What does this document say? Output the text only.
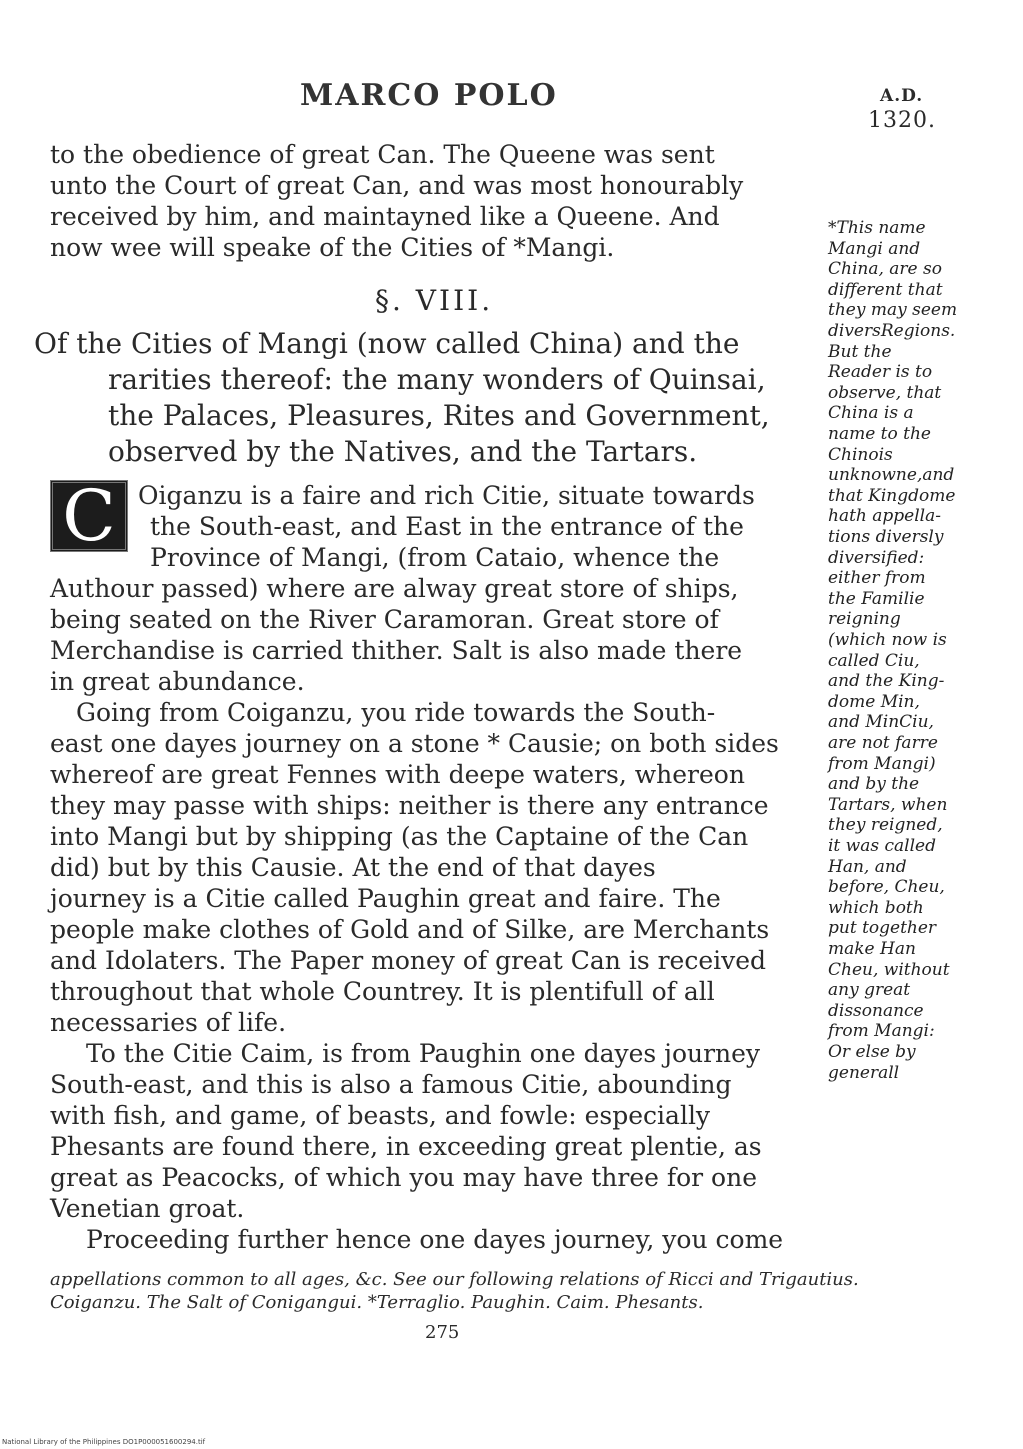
MARCO POLO	A.D.
1320.
to the obedience of great Can. The Queene was sent
unto the Court of great Can, and was most honourably
received by him, and maintayned like a Queene. And
now wee will speake of the Cities of *Mangi.
§. VIII.
Of the Cities of Mangi (now called China) and the
rarities thereof: the many wonders of Quinsai,
the Palaces, Pleasures, Rites and Government,
observed by the Natives, and the Tartars.
C Oiganzu is a faire and rich Citie, situate towards
the South-east, and East in the entrance of the
Province of Mangi, (from Cataio, whence the
Authour passed) where are alway great store of ships,
being seated on the River Caramoran. Great store of
Merchandise is carried thither. Salt is also made there
in great abundance.
Going from Coiganzu, you ride towards the South-
east one dayes journey on a stone * Causie; on both sides
whereof are great Fennes with deepe waters, whereon
they may passe with ships: neither is there any entrance
into Mangi but by shipping (as the Captaine of the Can
did) but by this Causie. At the end of that dayes
journey is a Citie called Paughin great and faire. The
people make clothes of Gold and of Silke, are Merchants
and Idolaters. The Paper money of great Can is received
throughout that whole Countrey. It is plentifull of all
necessaries of life.
To the Citie Caim, is from Paughin one dayes journey
South-east, and this is also a famous Citie, abounding
with fish, and game, of beasts, and fowle: especially
Phesants are found there, in exceeding great plentie, as
great as Peacocks, of which you may have three for one
Venetian groat.
Proceeding further hence one dayes journey, you come
*This name
Mangi and
China, are so
different that
they may seem
diversRegions.
But the
Reader is to
observe, that
China is a
name to the
Chinois
unknowne,and
that Kingdome
hath appella-
tions diversly
diversified:
either from
the Familie
reigning
(which now is
called Ciu,
and the King-
dome Min,
and MinCiu,
are not farre
from Mangi)
and by the
Tartars, when
they reigned,
it was called
Han, and
before, Cheu,
which both
put together
make Han
Cheu, without
any great
dissonance
from Mangi:
Or else by
generall
appellations common to all ages, &c. See our following relations of Ricci and Trigautius.
Coiganzu. The Salt of Conigangui. *Terraglio. Paughin. Caim. Phesants.
275
National Library of the Philippines DO1P000051600294.tif
